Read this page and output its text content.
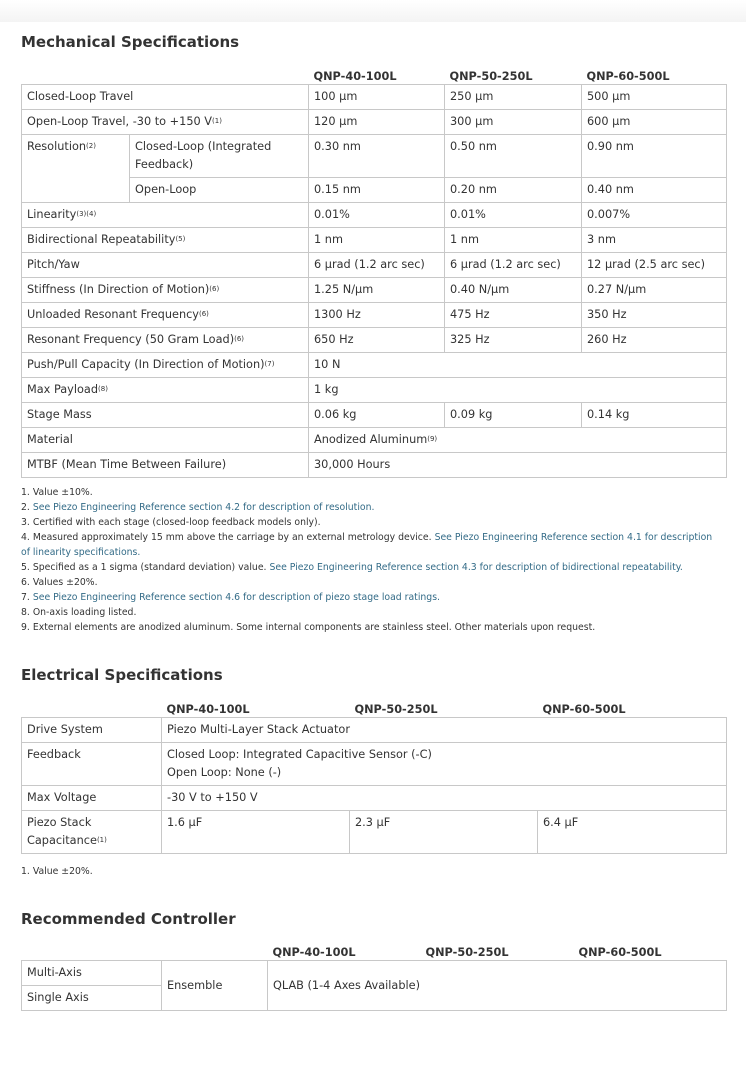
Mechanical Specifications
		QNP-40-100L	QNP-50-250L	QNP-60-500L
Closed-Loop Travel		100 µm	250 µm	500 µm
Open-Loop Travel, -30 to +150 $V^{(1)}$		120 µm	300 µm	600 µm
Resolution$^{(2)}$	Closed-Loop (Integrated Feedback)	0.30 nm	0.50 nm	0.90 nm
	Open-Loop	0.15 nm	0.20 nm	0.40 nm
Linearity$^{(3)(4)}$		0.01%	0.01%	0.007%
Bidirectional Repeatability$^{(5)}$		1 nm	1 nm	3 nm
Pitch/Yaw		6 µrad (1.2 arc sec)	6 µrad (1.2 arc sec)	12 µrad (2.5 arc sec)
Stiffness (In Direction of Motion)$^{(6)}$		1.25 N/µm	0.40 N/µm	0.27 N/µm
Unloaded Resonant Frequency$^{(6)}$		1300 Hz	475 Hz	350 Hz
Resonant Frequency (50 Gram Load)$^{(6)}$		650 Hz	325 Hz	260 Hz
Push/Pull Capacity (In Direction of Motion)$^{(7)}$		10 N		
Max Payload$^{(8)}$		1 kg		
Stage Mass		0.06 kg	0.09 kg	0.14 kg
Material		Anodized Aluminum$^{(9)}$
MTBF (Mean Time Between Failure)		30,000 Hours		
1. Value ±10%.
2. See Piezo Engineering Reference section 4.2 for description of resolution.
3. Certified with each stage (closed-loop feedback models only).
4. Measured approximately 15 mm above the carriage by an external metrology device. See Piezo Engineering Reference section 4.1 for description of linearity specifications.
5. Specified as a 1 sigma (standard deviation) value. See Piezo Engineering Reference section 4.3 for description of bidirectional repeatability.
6. Values ±20%.
7. See Piezo Engineering Reference section 4.6 for description of piezo stage load ratings.
8. On-axis loading listed.
9. External elements are anodized aluminum. Some internal components are stainless steel. Other materials upon request.
Electrical Specifications
	QNP-40-100L	QNP-50-250L	QNP-60-500L
Drive System	Piezo Multi-Layer Stack Actuator		
Feedback	Closed Loop: Integrated Capacitive Sensor (-C)
Open Loop: None (-)		

Max Voltage	-30 V to +150 V		

Piezo Stack
Capacitance$^{(1)}$	1.6 µF	2.3 µF	6.4 µF
1. Value ±20%.
Recommended Controller
		QNP-40-100L	QNP-50-250L	QNP-60-500L
Multi-Axis	Ensemble	QLAB (1-4 Axes Available)		
Single Axis				
